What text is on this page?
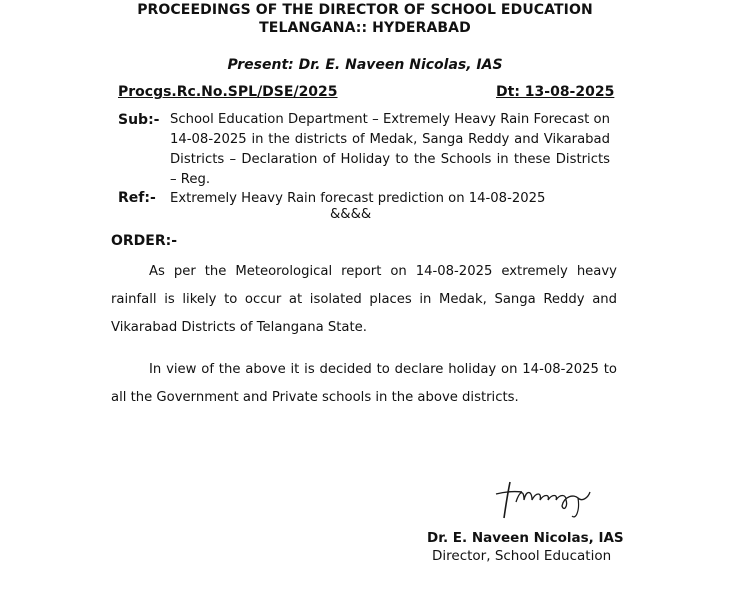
PROCEEDINGS OF THE DIRECTOR OF SCHOOL EDUCATION
TELANGANA:: HYDERABAD
Present: Dr. E. Naveen Nicolas, IAS
Procgs.Rc.No.SPL/DSE/2025	Dt: 13-08-2025
Sub:- School Education Department – Extremely Heavy Rain Forecast on 14-08-2025 in the districts of Medak, Sanga Reddy and Vikarabad Districts – Declaration of Holiday to the Schools in these Districts – Reg.
Ref:- Extremely Heavy Rain forecast prediction on 14-08-2025
&&&&
ORDER:-
As per the Meteorological report on 14-08-2025 extremely heavy rainfall is likely to occur at isolated places in Medak, Sanga Reddy and Vikarabad Districts of Telangana State.
In view of the above it is decided to declare holiday on 14-08-2025 to all the Government and Private schools in the above districts.
Dr. E. Naveen Nicolas, IAS
Director, School Education
